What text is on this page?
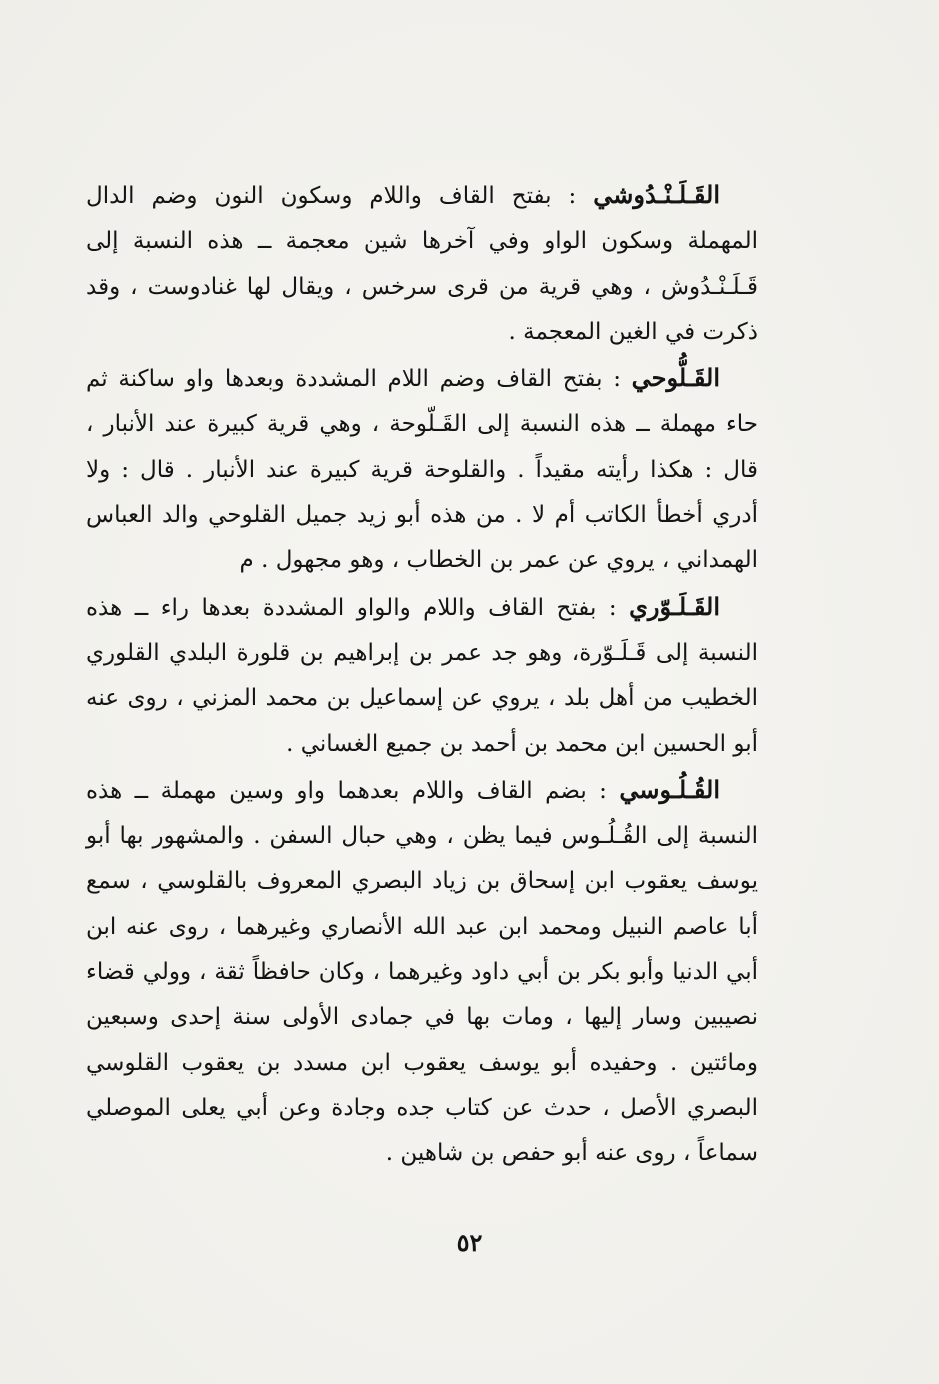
القَـلَـنْـدُوشي : بفتح القاف واللام وسكون النون وضم الدال المهملة وسكون الواو وفي آخرها شين معجمة ــ هذه النسبة إلى قَـلَـنْـدُوش ، وهي قرية من قرى سرخس ، ويقال لها غنادوست ، وقد ذكرت في الغين المعجمة .

القَـلُّوحي : بفتح القاف وضم اللام المشددة وبعدها واو ساكنة ثم حاء مهملة ــ هذه النسبة إلى القَـلّوحة ، وهي قرية كبيرة عند الأنبار ، قال : هكذا رأيته مقيداً . والقلوحة قرية كبيرة عند الأنبار . قال : ولا أدري أخطأ الكاتب أم لا . من هذه أبو زيد جميل القلوحي والد العباس الهمداني ، يروي عن عمر بن الخطاب ، وهو مجهول . م

القَـلَـوّري : بفتح القاف واللام والواو المشددة بعدها راء ــ هذه النسبة إلى قَـلَـوّرة، وهو جد عمر بن إبراهيم بن قلورة البلدي القلوري الخطيب من أهل بلد ، يروي عن إسماعيل بن محمد المزني ، روى عنه أبو الحسين ابن محمد بن أحمد بن جميع الغساني .

القُـلُـوسي : بضم القاف واللام بعدهما واو وسين مهملة ــ هذه النسبة إلى القُـلُـوس فيما يظن ، وهي حبال السفن . والمشهور بها أبو يوسف يعقوب ابن إسحاق بن زياد البصري المعروف بالقلوسي ، سمع أبا عاصم النبيل ومحمد ابن عبد الله الأنصاري وغيرهما ، روى عنه ابن أبي الدنيا وأبو بكر بن أبي داود وغيرهما ، وكان حافظاً ثقة ، وولي قضاء نصيبين وسار إليها ، ومات بها في جمادى الأولى سنة إحدى وسبعين ومائتين . وحفيده أبو يوسف يعقوب ابن مسدد بن يعقوب القلوسي البصري الأصل ، حدث عن كتاب جده وجادة وعن أبي يعلى الموصلي سماعاً ، روى عنه أبو حفص بن شاهين .

٥٢
